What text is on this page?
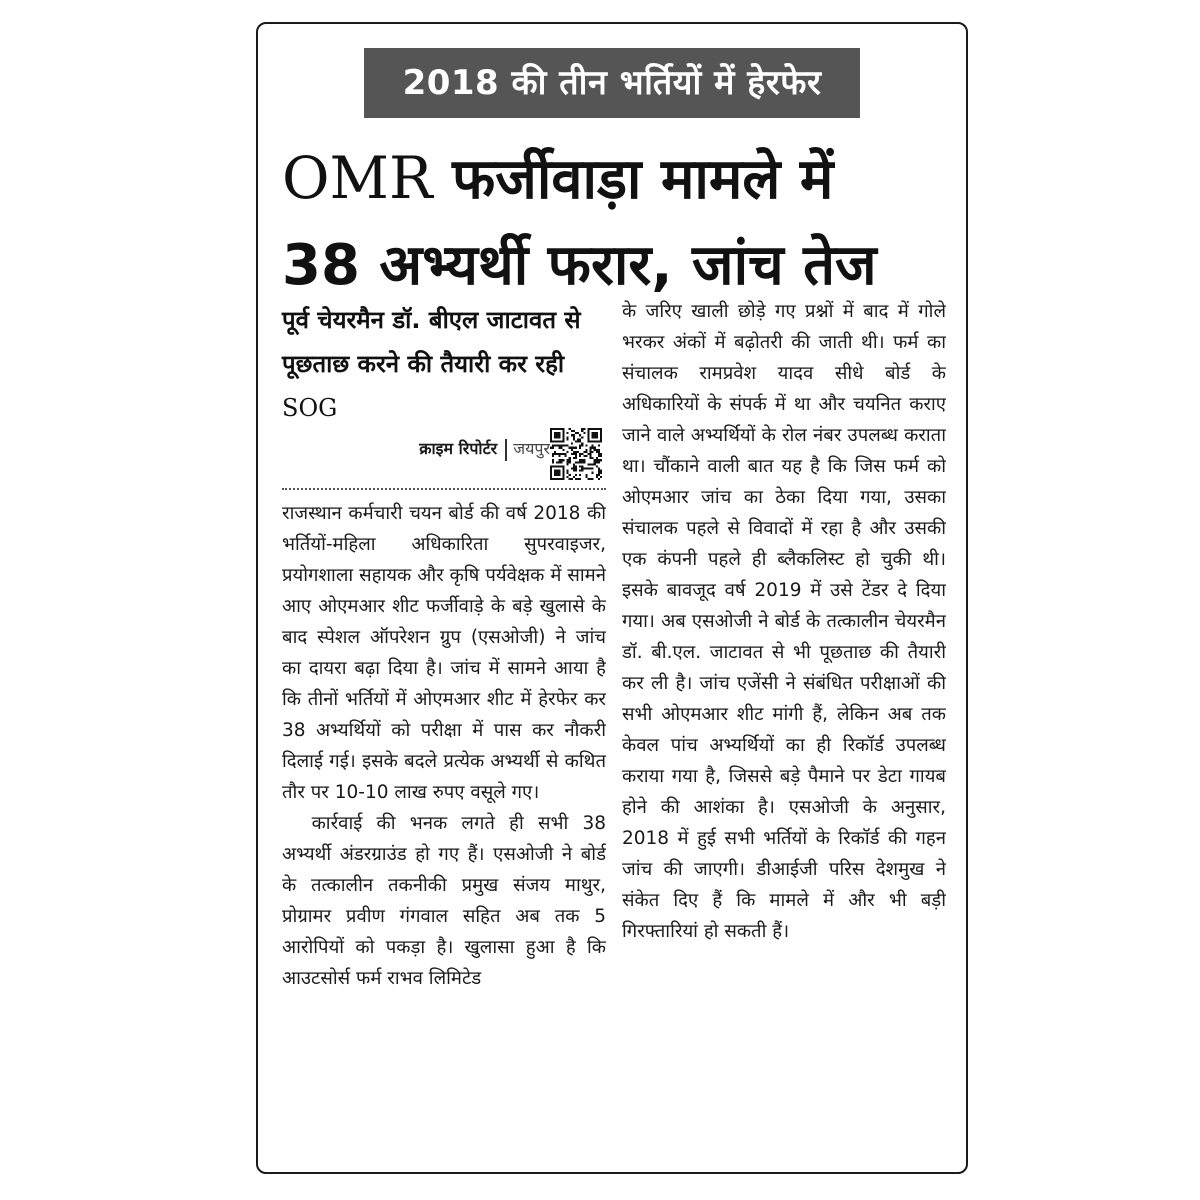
2018 की तीन भर्तियों में हेरफेर
OMR फर्जीवाड़ा मामले में
38 अभ्यर्थी फरार, जांच तेज
पूर्व चेयरमैन डॉ. बीएल जाटावत से पूछताछ करने की तैयारी कर रही SOG
क्राइम रिपोर्टर जयपुर

राजस्थान कर्मचारी चयन बोर्ड की वर्ष 2018 की भर्तियों-महिला अधिकारिता सुपरवाइजर, प्रयोगशाला सहायक और कृषि पर्यवेक्षक में सामने आए ओएमआर शीट फर्जीवाड़े के बड़े खुलासे के बाद स्पेशल ऑपरेशन ग्रुप (एसओजी) ने जांच का दायरा बढ़ा दिया है। जांच में सामने आया है कि तीनों भर्तियों में ओएमआर शीट में हेरफेर कर 38 अभ्यर्थियों को परीक्षा में पास कर नौकरी दिलाई गई। इसके बदले प्रत्येक अभ्यर्थी से कथित तौर पर 10-10 लाख रुपए वसूले गए।

कार्रवाई की भनक लगते ही सभी 38 अभ्यर्थी अंडरग्राउंड हो गए हैं। एसओजी ने बोर्ड के तत्कालीन तकनीकी प्रमुख संजय माथुर, प्रोग्रामर प्रवीण गंगवाल सहित अब तक 5 आरोपियों को पकड़ा है। खुलासा हुआ है कि आउटसोर्स फर्म राभव लिमिटेड

के जरिए खाली छोड़े गए प्रश्नों में बाद में गोले भरकर अंकों में बढ़ोतरी की जाती थी। फर्म का संचालक रामप्रवेश यादव सीधे बोर्ड के अधिकारियों के संपर्क में था और चयनित कराए जाने वाले अभ्यर्थियों के रोल नंबर उपलब्ध कराता था। चौंकाने वाली बात यह है कि जिस फर्म को ओएमआर जांच का ठेका दिया गया, उसका संचालक पहले से विवादों में रहा है और उसकी एक कंपनी पहले ही ब्लैकलिस्ट हो चुकी थी। इसके बावजूद वर्ष 2019 में उसे टेंडर दे दिया गया। अब एसओजी ने बोर्ड के तत्कालीन चेयरमैन डॉ. बी.एल. जाटावत से भी पूछताछ की तैयारी कर ली है। जांच एजेंसी ने संबंधित परीक्षाओं की सभी ओएमआर शीट मांगी हैं, लेकिन अब तक केवल पांच अभ्यर्थियों का ही रिकॉर्ड उपलब्ध कराया गया है, जिससे बड़े पैमाने पर डेटा गायब होने की आशंका है। एसओजी के अनुसार, 2018 में हुई सभी भर्तियों के रिकॉर्ड की गहन जांच की जाएगी। डीआईजी परिस देशमुख ने संकेत दिए हैं कि मामले में और भी बड़ी गिरफ्तारियां हो सकती हैं।
